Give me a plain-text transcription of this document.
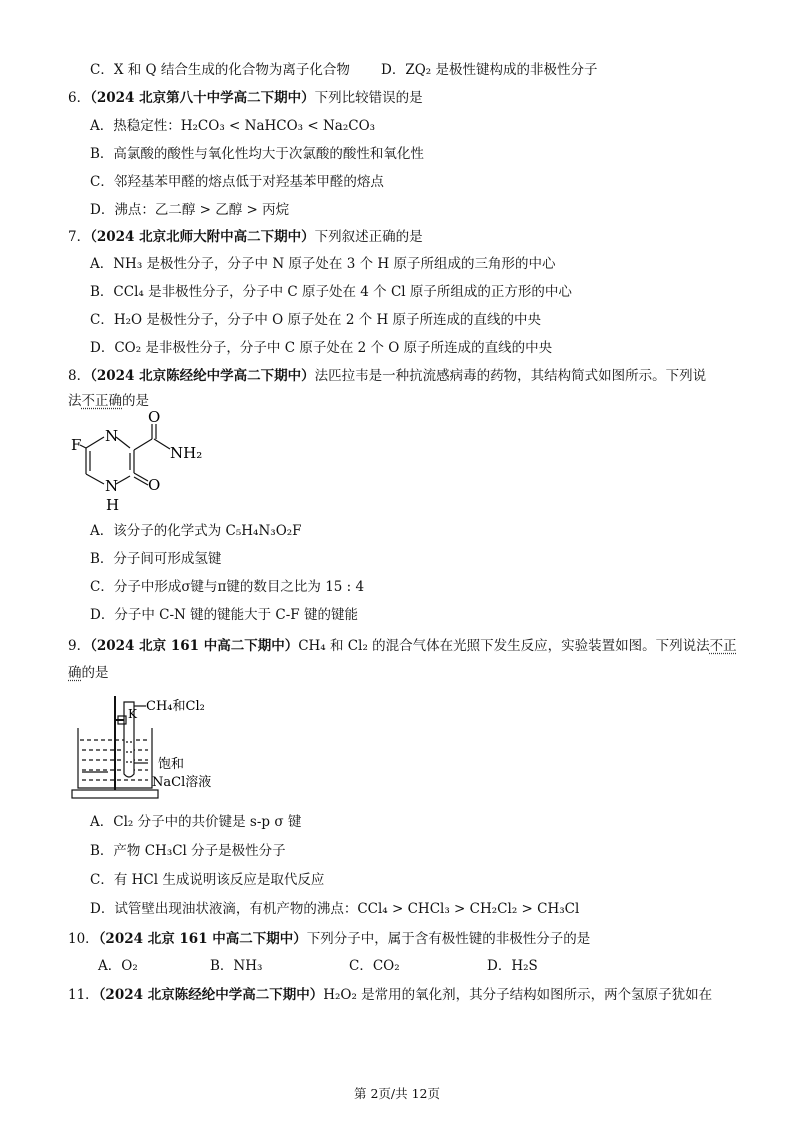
C．X 和 Q 结合生成的化合物为离子化合物 D．ZQ₂ 是极性键构成的非极性分子
6．（2024 北京第八十中学高二下期中）下列比较错误的是
A．热稳定性：H₂CO₃ < NaHCO₃ < Na₂CO₃
B．高氯酸的酸性与氧化性均大于次氯酸的酸性和氧化性
C．邻羟基苯甲醛的熔点低于对羟基苯甲醛的熔点
D．沸点：乙二醇 > 乙醇 > 丙烷
7．（2024 北京北师大附中高二下期中）下列叙述正确的是
A．NH₃ 是极性分子，分子中 N 原子处在 3 个 H 原子所组成的三角形的中心
B．CCl₄ 是非极性分子，分子中 C 原子处在 4 个 Cl 原子所组成的正方形的中心
C．H₂O 是极性分子，分子中 O 原子处在 2 个 H 原子所连成的直线的中央
D．CO₂ 是非极性分子，分子中 C 原子处在 2 个 O 原子所连成的直线的中央
8．（2024 北京陈经纶中学高二下期中）法匹拉韦是一种抗流感病毒的药物，其结构简式如图所示。下列说
法不正确的是
F N
N
H
O
O
NH₂
A．该分子的化学式为 C₅H₄N₃O₂F
B．分子间可形成氢键
C．分子中形成σ键与π键的数目之比为 15 : 4
D．分子中 C-N 键的键能大于 C-F 键的键能
9．（2024 北京 161 中高二下期中）CH₄ 和 Cl₂ 的混合气体在光照下发生反应，实验装置如图。下列说法不正
确的是
K CH₄和Cl₂
饱和
NaCl溶液
A．Cl₂ 分子中的共价键是 s-p σ 键
B．产物 CH₃Cl 分子是极性分子
C．有 HCl 生成说明该反应是取代反应
D．试管壁出现油状液滴，有机产物的沸点：CCl₄ > CHCl₃ > CH₂Cl₂ > CH₃Cl
10．（2024 北京 161 中高二下期中）下列分子中，属于含有极性键的非极性分子的是
A．O₂	B．NH₃	C．CO₂	D．H₂S
11．（2024 北京陈经纶中学高二下期中）H₂O₂ 是常用的氧化剂，其分子结构如图所示，两个氢原子犹如在
第 2页/共 12页
